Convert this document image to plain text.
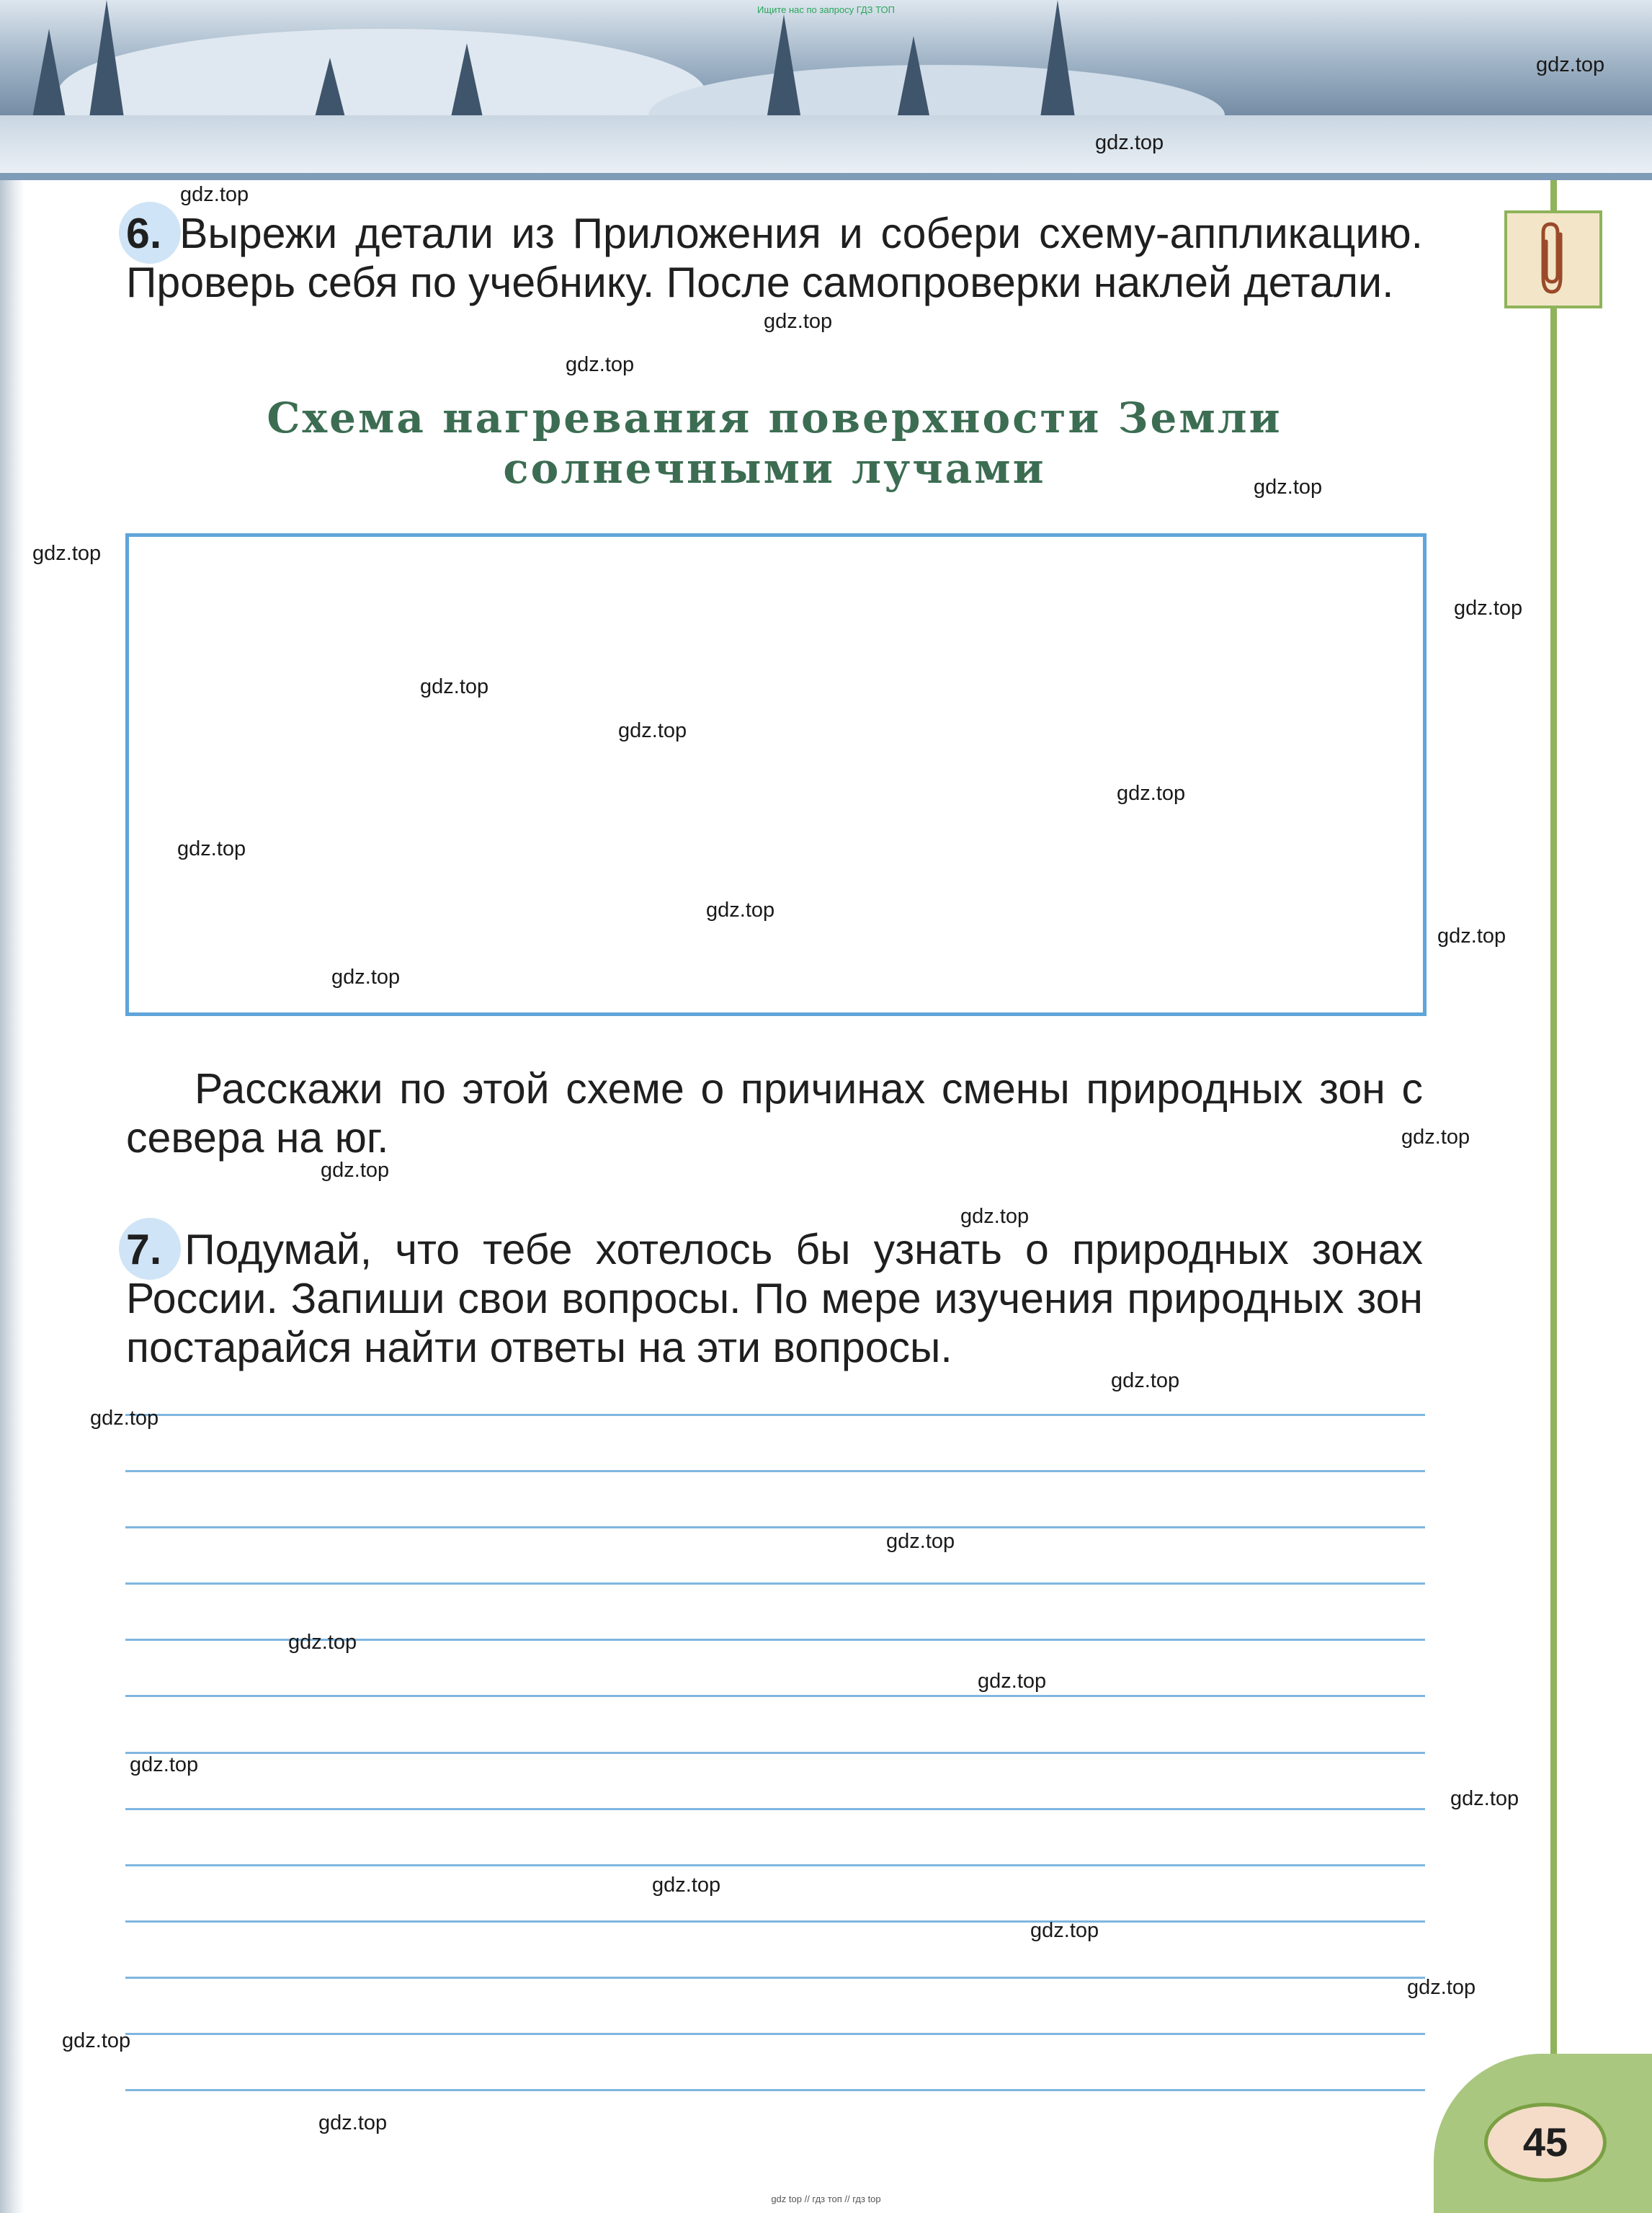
Ищите нас по запросу ГДЗ ТОП
45

6. Вырежи детали из Приложения и собери схему-аппликацию. Проверь себя по учебнику. После самопроверки наклей детали.

Схема нагревания поверхности Земли
солнечными лучами

Расскажи по этой схеме о причинах смены природных зон с севера на юг.

7. Подумай, что тебе хотелось бы узнать о природных зонах России. Запиши свои вопросы. По мере изучения природных зон постарайся найти ответы на эти вопросы.

gdz.top
gdz.top
gdz.top
gdz.top
gdz.top
gdz.top
gdz.top
gdz.top
gdz.top
gdz.top
gdz.top
gdz.top
gdz.top
gdz.top
gdz.top
gdz.top
gdz.top
gdz.top
gdz.top
gdz.top
gdz.top
gdz.top
gdz.top
gdz.top
gdz.top
gdz.top
gdz.top
gdz.top
gdz.top
gdz.top
gdz top // гдз топ // гдз top
